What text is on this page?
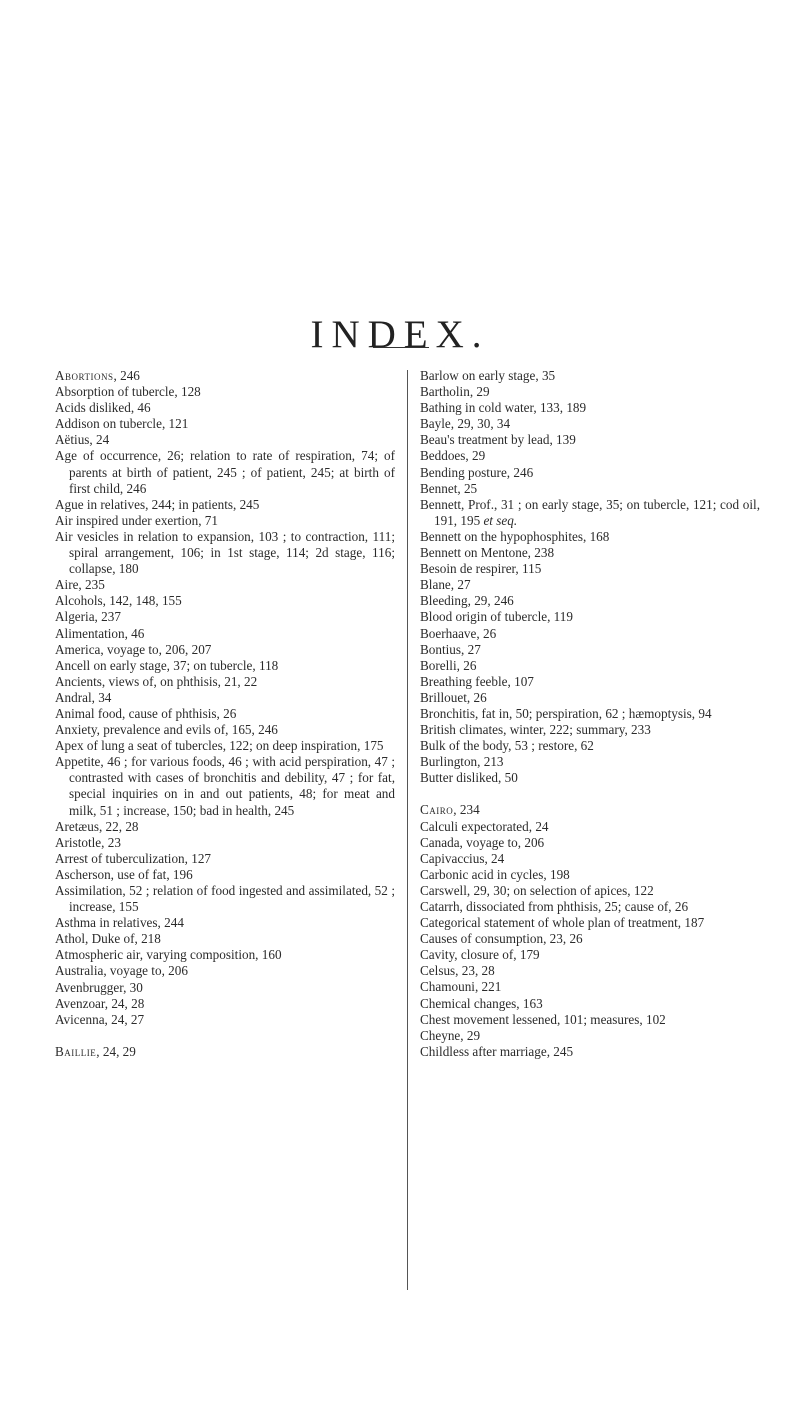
INDEX.
Abortions, 246
Absorption of tubercle, 128
Acids disliked, 46
Addison on tubercle, 121
Aëtius, 24
Age of occurrence, 26; relation to rate of respiration, 74; of parents at birth of patient, 245 ; of patient, 245; at birth of first child, 246
Ague in relatives, 244; in patients, 245
Air inspired under exertion, 71
Air vesicles in relation to expansion, 103 ; to contraction, 111; spiral arrangement, 106; in 1st stage, 114; 2d stage, 116; collapse, 180
Aire, 235
Alcohols, 142, 148, 155
Algeria, 237
Alimentation, 46
America, voyage to, 206, 207
Ancell on early stage, 37; on tubercle, 118
Ancients, views of, on phthisis, 21, 22
Andral, 34
Animal food, cause of phthisis, 26
Anxiety, prevalence and evils of, 165, 246
Apex of lung a seat of tubercles, 122; on deep inspiration, 175
Appetite, 46 ; for various foods, 46 ; with acid perspiration, 47 ; contrasted with cases of bronchitis and debility, 47 ; for fat, special inquiries on in and out patients, 48; for meat and milk, 51 ; increase, 150; bad in health, 245
Aretæus, 22, 28
Aristotle, 23
Arrest of tuberculization, 127
Ascherson, use of fat, 196
Assimilation, 52 ; relation of food ingested and assimilated, 52 ; increase, 155
Asthma in relatives, 244
Athol, Duke of, 218
Atmospheric air, varying composition, 160
Australia, voyage to, 206
Avenbrugger, 30
Avenzoar, 24, 28
Avicenna, 24, 27
Baillie, 24, 29
Barlow on early stage, 35
Bartholin, 29
Bathing in cold water, 133, 189
Bayle, 29, 30, 34
Beau's treatment by lead, 139
Beddoes, 29
Bending posture, 246
Bennet, 25
Bennett, Prof., 31 ; on early stage, 35; on tubercle, 121; cod oil, 191, 195 et seq.
Bennett on the hypophosphites, 168
Bennett on Mentone, 238
Besoin de respirer, 115
Blane, 27
Bleeding, 29, 246
Blood origin of tubercle, 119
Boerhaave, 26
Bontius, 27
Borelli, 26
Breathing feeble, 107
Brillouet, 26
Bronchitis, fat in, 50; perspiration, 62 ; hæmoptysis, 94
British climates, winter, 222; summary, 233
Bulk of the body, 53 ; restore, 62
Burlington, 213
Butter disliked, 50
Cairo, 234
Calculi expectorated, 24
Canada, voyage to, 206
Capivaccius, 24
Carbonic acid in cycles, 198
Carswell, 29, 30; on selection of apices, 122
Catarrh, dissociated from phthisis, 25; cause of, 26
Categorical statement of whole plan of treatment, 187
Causes of consumption, 23, 26
Cavity, closure of, 179
Celsus, 23, 28
Chamouni, 221
Chemical changes, 163
Chest movement lessened, 101; measures, 102
Cheyne, 29
Childless after marriage, 245
